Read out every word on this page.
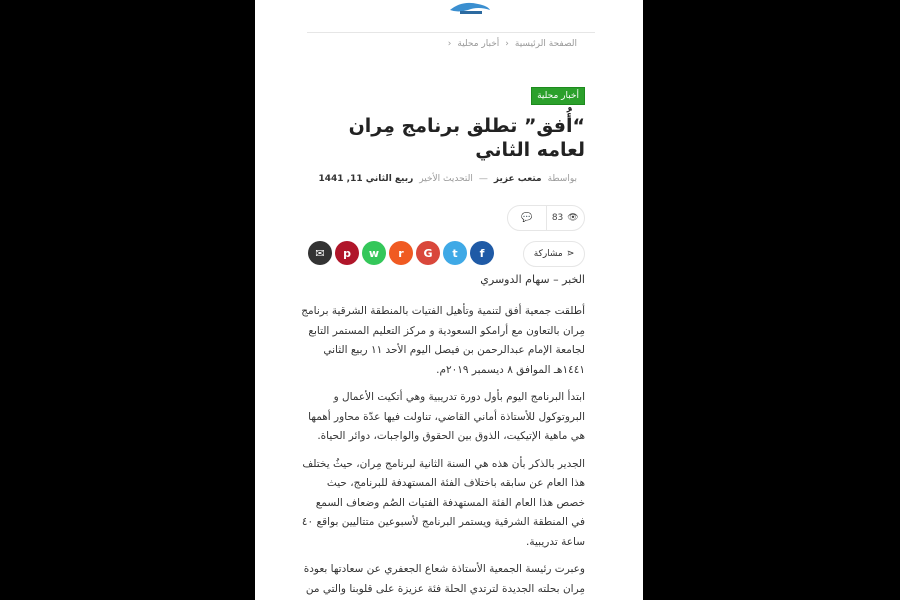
الصفحة الرئيسية
‹
أخبار محلية
‹
أخبار محلية
“أُفق” تطلق برنامج مِران لعامه الثاني
بواسطة
متعب عزيز
—
التحديث الأخير
ربيع الثاني 11, 1441
👁
83
💬
⋖
مشاركة
f
t
G
r
w
p
✉
الخبر – سهام الدوسري

أطلقت جمعية أفق لتنمية وتأهيل الفتيات بالمنطقة الشرقية برنامج
مِران بالتعاون مع أرامكو السعودية و مركز التعليم المستمر التابع
لجامعة الإمام عبدالرحمن بن فيصل اليوم الأحد ١١ ربيع الثاني
١٤٤١هـ الموافق ٨ ديسمبر ٢٠١٩م.

ابتدأ البرنامج اليوم بأول دورة تدريبية وهي أتكيت الأعمال و
البروتوكول للأستاذة أماني القاضي، تناولت فيها عدّة محاور أهمها
هي ماهية الإتيكيت، الذوق بين الحقوق والواجبات، دوائر الحياة.

الجدير بالذكر بأن هذه هي السنة الثانية لبرنامج مِران، حيثُ يختلف
هذا العام عن سابقه باختلاف الفئة المستهدفة للبرنامج، حيث
خصص هذا العام الفئة المستهدفة الفتيات الصُم وضعاف السمع
في المنطقة الشرقية ويستمر البرنامج لأسبوعين متتاليين بواقع ٤٠
ساعة تدريبية.

وعبرت رئيسة الجمعية الأستاذة شعاع الجعفري عن سعادتها بعودة
مِران بحلته الجديدة لترتدي الحلة فئة عزيزة على قلوبنا والتي من
